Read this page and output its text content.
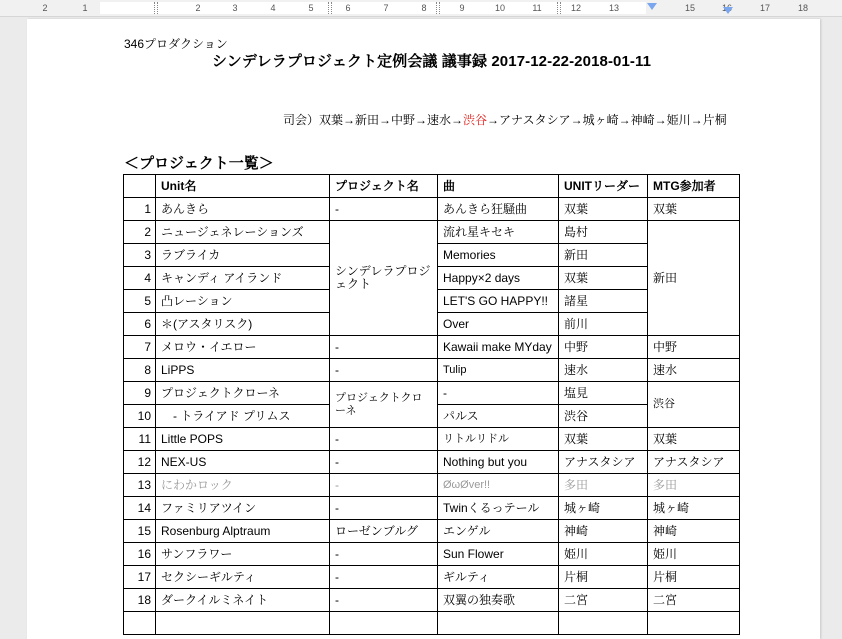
2	1	2	3	4	5	6	7	8	9	10	11	12	13	15	16	17	18
346プロダクション
シンデレラプロジェクト定例会議 議事録 2017-12-22-2018-01-11
司会）双葉→新田→中野→速水→渋谷→アナスタシア→城ヶ崎→神崎→姫川→片桐
＜プロジェクト一覧＞
	Unit名	プロジェクト名	曲	UNITリーダー	MTG参加者
1	あんきら	-	あんきら狂騒曲	双葉	双葉
2	ニュージェネレーションズ	シンデレラプロジェクト	流れ星キセキ	島村	新田
3	ラブライカ		Memories	新田	
4	キャンディ アイランド		Happy×2 days	双葉	
5	凸レーション		LET'S GO HAPPY!!	諸星	
6	＊(アスタリスク)		Over	前川	
7	メロウ・イエロー	-	Kawaii make MYday	中野	中野
8	LiPPS	-	Tulip	速水	速水
9	プロジェクトクローネ	プロジェクトクローネ	-	塩見	渋谷
10	　- トライアド プリムス		パルス	渋谷	
11	Little POPS	-	リトルリドル	双葉	双葉
12	NEX-US	-	Nothing but you	アナスタシア	アナスタシア
13	にわかロック	-	ØωØver!!	多田	多田
14	ファミリアツイン	-	Twinくるっテール	城ヶ崎	城ヶ崎
15	Rosenburg Alptraum	ローゼンブルグ	エンゲル	神崎	神崎
16	サンフラワー	-	Sun Flower	姫川	姫川
17	セクシーギルティ	-	ギルティ	片桐	片桐
18	ダークイルミネイト	-	双翼の独奏歌	二宮	二宮
